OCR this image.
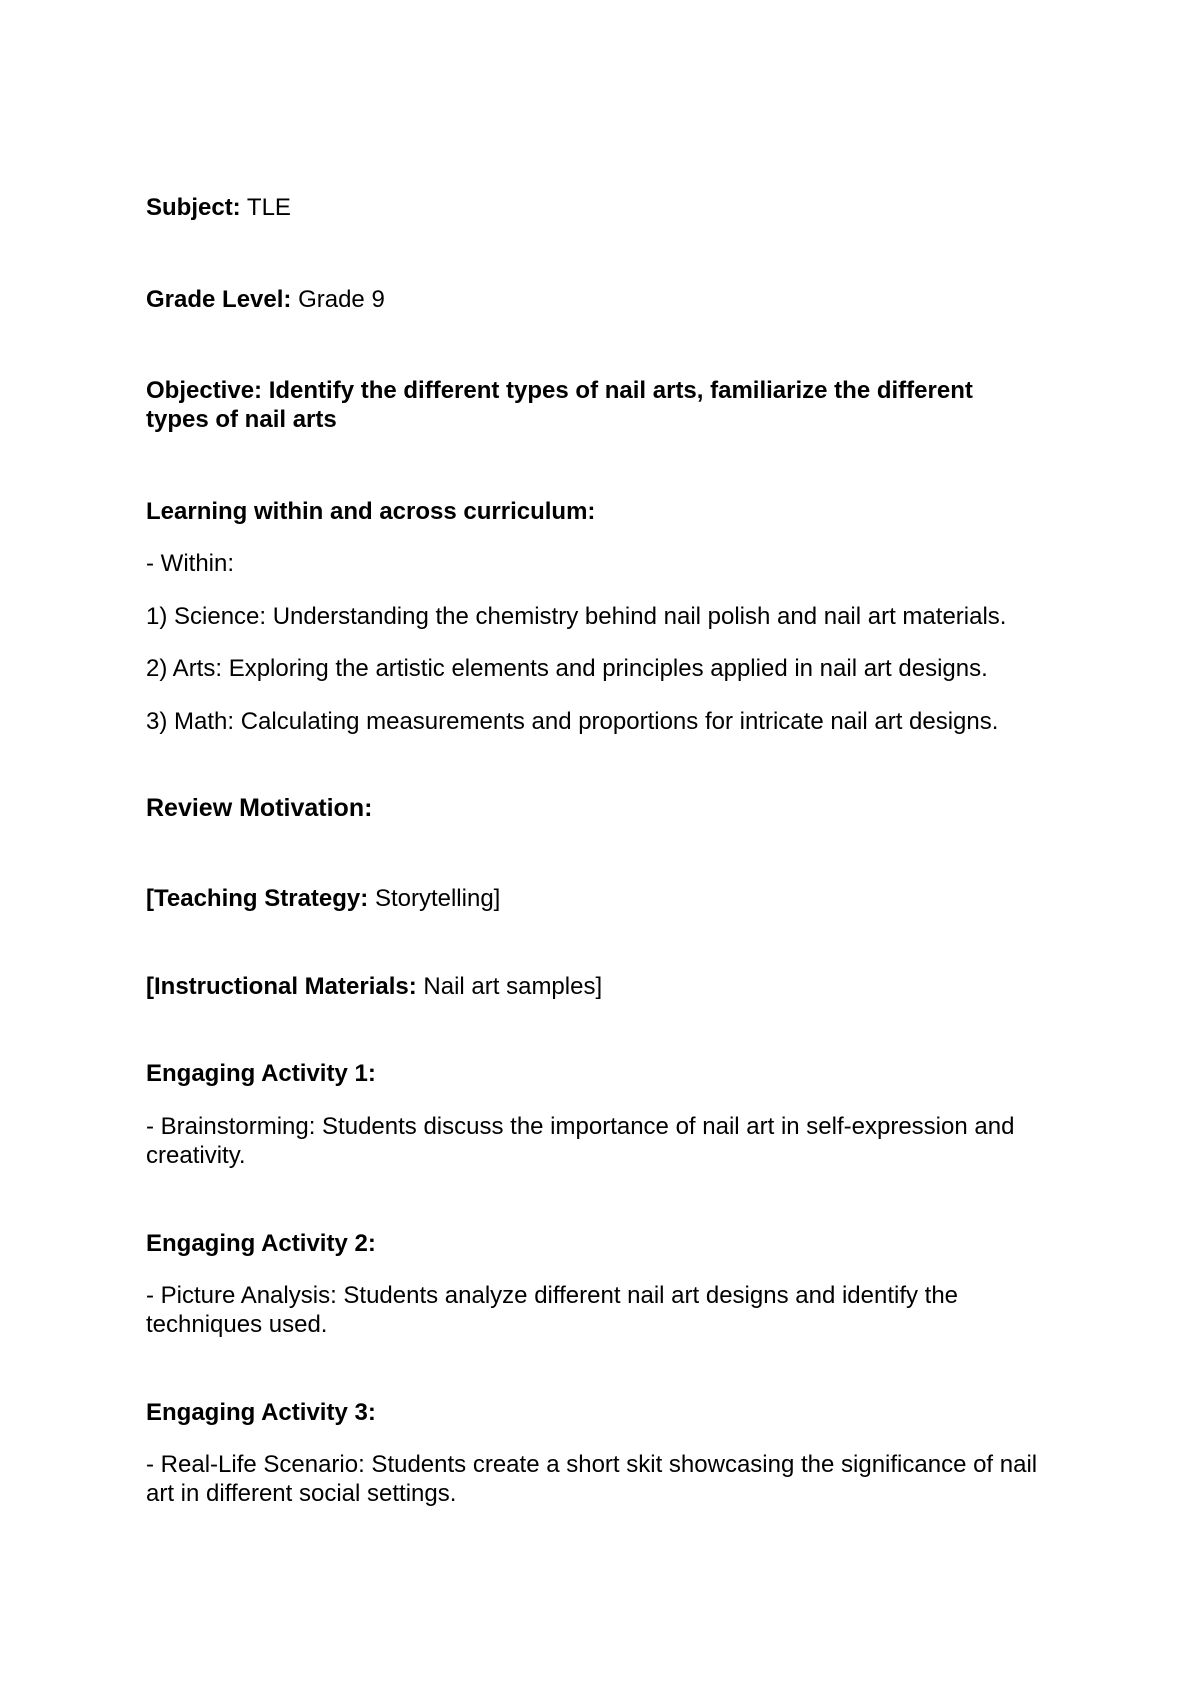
Subject: TLE
Grade Level: Grade 9
Objective: Identify the different types of nail arts, familiarize the different types of nail arts
Learning within and across curriculum:
- Within:
1) Science: Understanding the chemistry behind nail polish and nail art materials.
2) Arts: Exploring the artistic elements and principles applied in nail art designs.
3) Math: Calculating measurements and proportions for intricate nail art designs.
Review Motivation:
[Teaching Strategy: Storytelling]
[Instructional Materials: Nail art samples]
Engaging Activity 1:
- Brainstorming: Students discuss the importance of nail art in self-expression and creativity.
Engaging Activity 2:
- Picture Analysis: Students analyze different nail art designs and identify the techniques used.
Engaging Activity 3:
- Real-Life Scenario: Students create a short skit showcasing the significance of nail art in different social settings.
